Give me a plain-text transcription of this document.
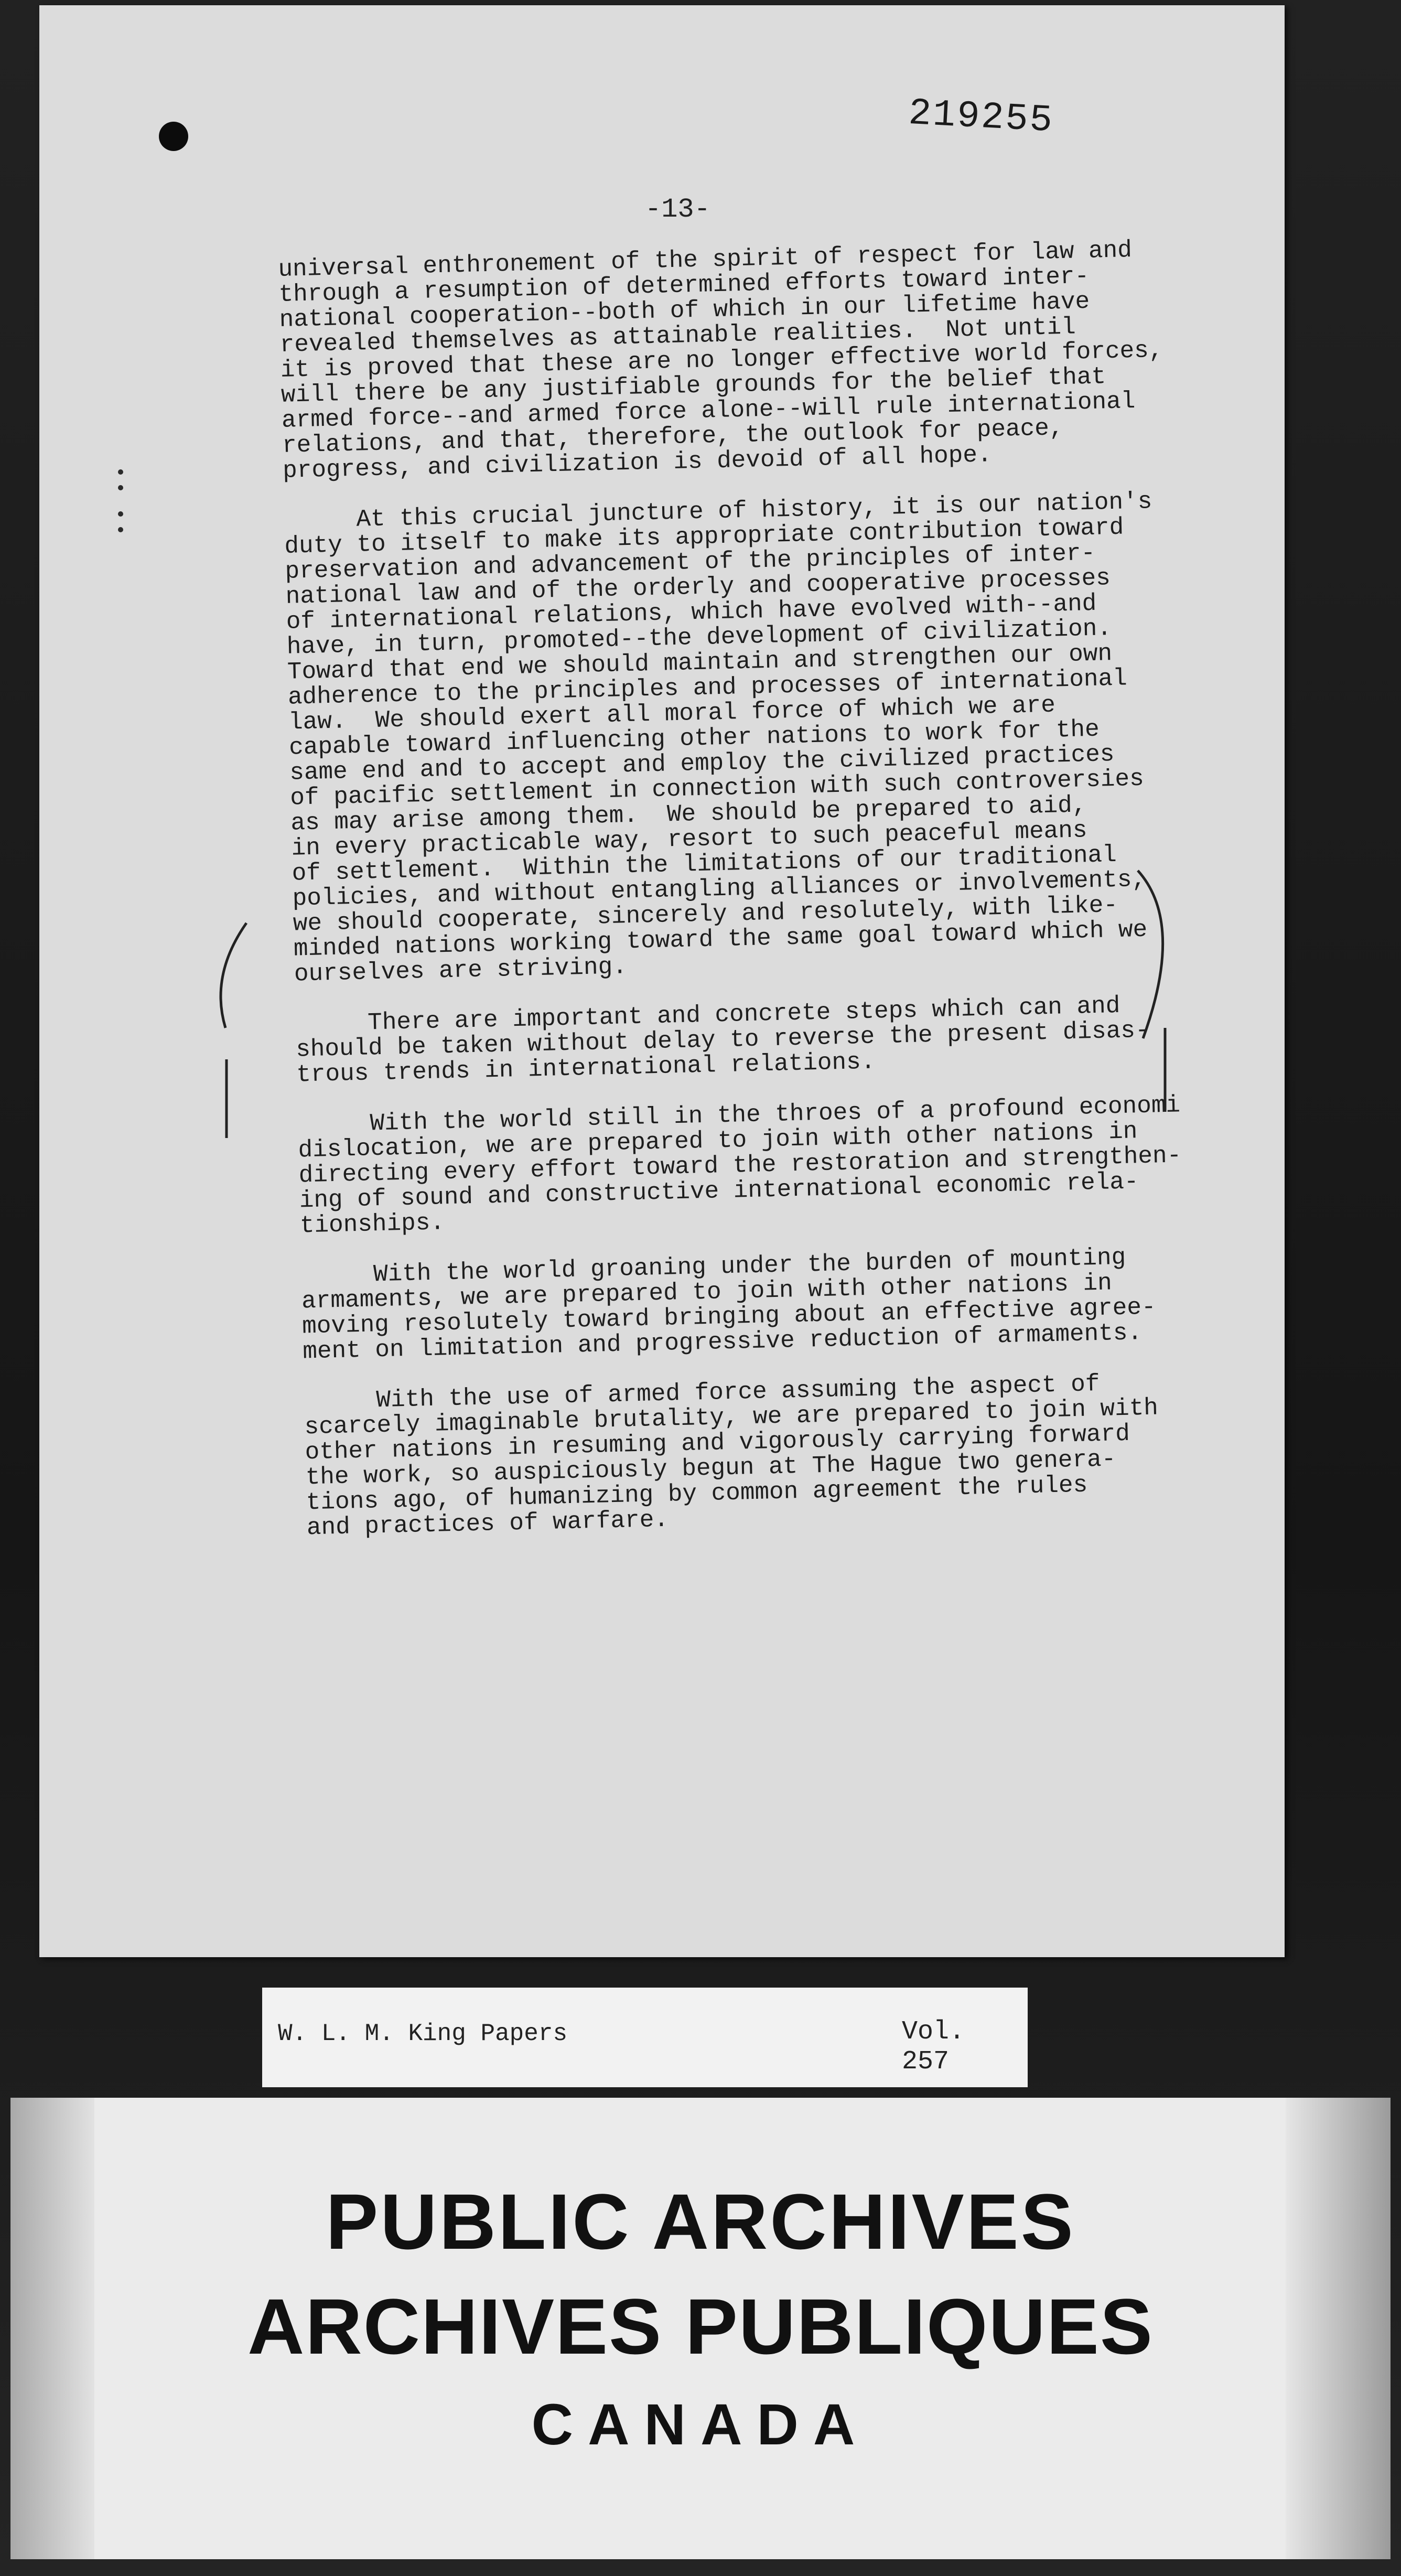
219255
-13-

universal enthronement of the spirit of respect for law and
through a resumption of determined efforts toward inter-
national cooperation--both of which in our lifetime have
revealed themselves as attainable realities.  Not until
it is proved that these are no longer effective world forces,
will there be any justifiable grounds for the belief that
armed force--and armed force alone--will rule international
relations, and that, therefore, the outlook for peace,
progress, and civilization is devoid of all hope.

At this crucial juncture of history, it is our nation's
duty to itself to make its appropriate contribution toward
preservation and advancement of the principles of inter-
national law and of the orderly and cooperative processes
of international relations, which have evolved with--and
have, in turn, promoted--the development of civilization.
Toward that end we should maintain and strengthen our own
adherence to the principles and processes of international
law.  We should exert all moral force of which we are
capable toward influencing other nations to work for the
same end and to accept and employ the civilized practices
of pacific settlement in connection with such controversies
as may arise among them.  We should be prepared to aid,
in every practicable way, resort to such peaceful means
of settlement.  Within the limitations of our traditional
policies, and without entangling alliances or involvements,
we should cooperate, sincerely and resolutely, with like-
minded nations working toward the same goal toward which we
ourselves are striving.

There are important and concrete steps which can and
should be taken without delay to reverse the present disas-
trous trends in international relations.

With the world still in the throes of a profound economi
dislocation, we are prepared to join with other nations in
directing every effort toward the restoration and strengthen-
ing of sound and constructive international economic rela-
tionships.

With the world groaning under the burden of mounting
armaments, we are prepared to join with other nations in
moving resolutely toward bringing about an effective agree-
ment on limitation and progressive reduction of armaments.

With the use of armed force assuming the aspect of
scarcely imaginable brutality, we are prepared to join with
other nations in resuming and vigorously carrying forward
the work, so auspiciously begun at The Hague two genera-
tions ago, of humanizing by common agreement the rules
and practices of warfare.

W. L. M. King Papers	Vol. 257
PUBLIC ARCHIVES
ARCHIVES PUBLIQUES
CANADA
